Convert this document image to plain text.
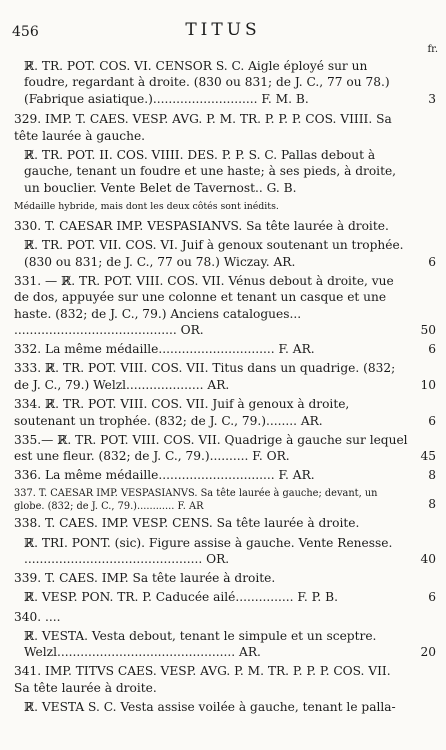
456	TITUS
fr.
ℝ̸. TR. POT. COS. VI. CENSOR S. C. Aigle éployé sur un foudre, regardant à droite. (830 ou 831; de J. C., 77 ou 78.) (Fabrique asiatique.)........................... F. M. B.	3
329. IMP. T. CAES. VESP. AVG. P. M. TR. P. P. P. COS. VIIII. Sa tête laurée à gauche.
ℝ̸. TR. POT. II. COS. VIIII. DES. P. P. S. C. Pallas debout à gauche, tenant un foudre et une haste; à ses pieds, à droite, un bouclier. Vente Belet de Tavernost.. G. B.
Médaille hybride, mais dont les deux côtés sont inédits.
330. T. CAESAR IMP. VESPASIANVS. Sa tête laurée à droite.
ℝ̸. TR. POT. VII. COS. VI. Juif à genoux soutenant un trophée. (830 ou 831; de J. C., 77 ou 78.) Wiczay. AR.	6
331. — ℝ̸. TR. POT. VIII. COS. VII. Vénus debout à droite, vue de dos, appuyée sur une colonne et tenant un casque et une haste. (832; de J. C., 79.) Anciens catalogues... .......................................... OR.	50
332. La même médaille.............................. F. AR.	6
333. ℝ̸. TR. POT. VIII. COS. VII. Titus dans un quadrige. (832; de J. C., 79.) Welzl.................... AR.	10
334. ℝ̸. TR. POT. VIII. COS. VII. Juif à genoux à droite, soutenant un trophée. (832; de J. C., 79.)........ AR.	6
335.— ℝ̸. TR. POT. VIII. COS. VII. Quadrige à gauche sur lequel est une fleur. (832; de J. C., 79.).......... F. OR.	45
336. La même médaille.............................. F. AR.	8
337. T. CAESAR IMP. VESPASIANVS. Sa tête laurée à gauche; devant, un globe. (832; de J. C., 79.)............ F. AR	8
338. T. CAES. IMP. VESP. CENS. Sa tête laurée à droite.
ℝ̸. TRI. PONT. (sic). Figure assise à gauche. Vente Renesse. .............................................. OR.	40
339. T. CAES. IMP. Sa tête laurée à droite.
ℝ̸. VESP. PON. TR. P. Caducée ailé............... F. P. B.	6
340. ....
ℝ̸. VESTA. Vesta debout, tenant le simpule et un sceptre. Welzl.............................................. AR.	20
341. IMP. TITVS CAES. VESP. AVG. P. M. TR. P. P. P. COS. VII. Sa tête laurée à droite.
ℝ̸. VESTA S. C. Vesta assise voilée à gauche, tenant le palla-
